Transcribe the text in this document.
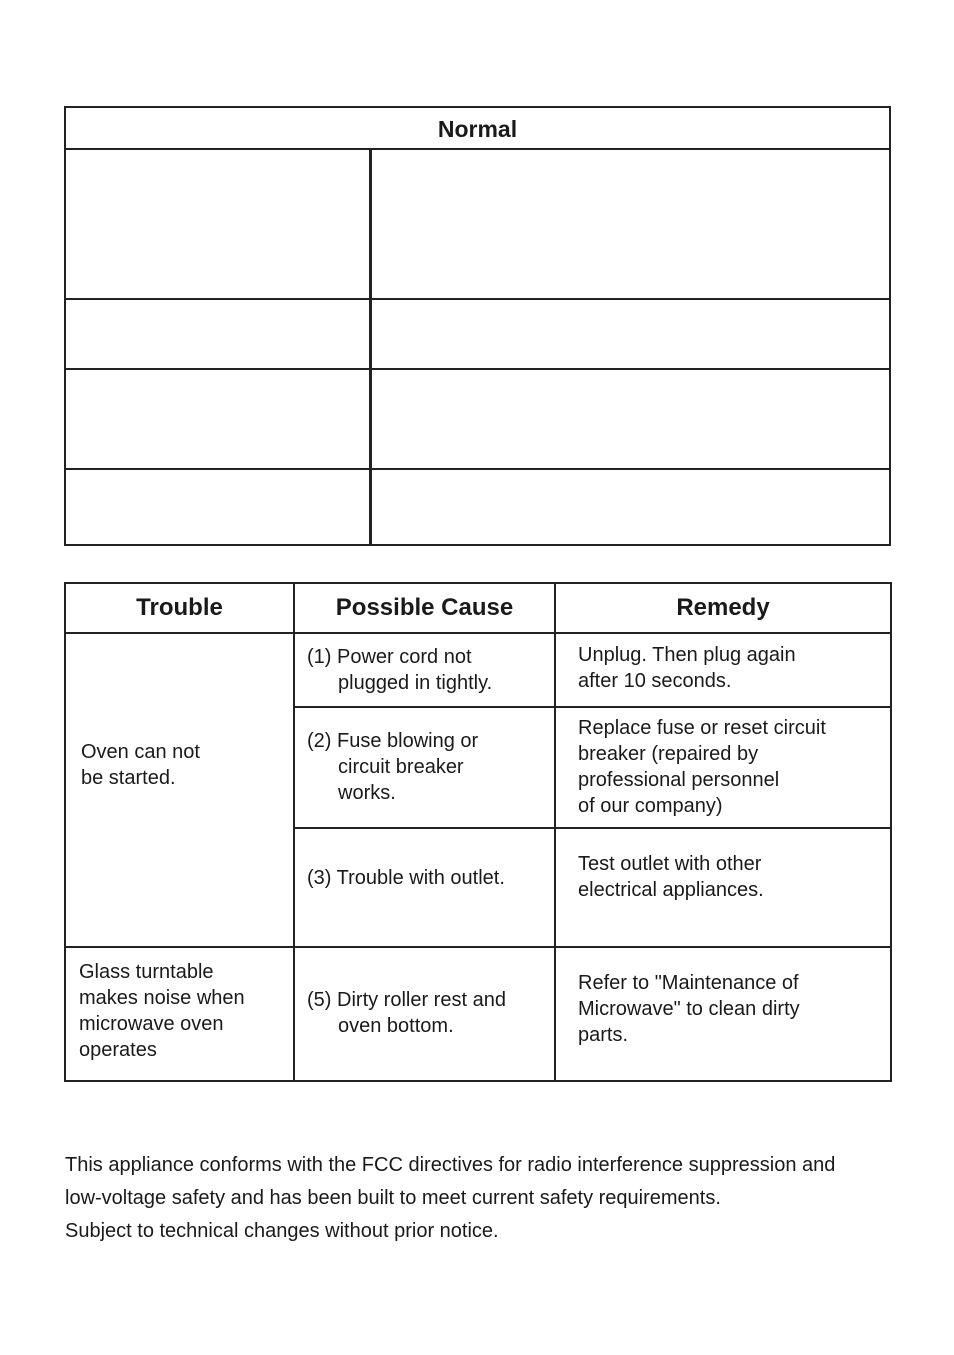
Normal
Trouble	Possible Cause	Remedy
Oven can not
be started.
(1) Power cord not
plugged in tightly.
Unplug. Then plug again
after 10 seconds.
(2) Fuse blowing or
circuit breaker
works.
Replace fuse or reset circuit
breaker (repaired by
professional personnel
of our company)
(3) Trouble with outlet.
Test outlet with other
electrical appliances.
Glass turntable
makes noise when
microwave oven
operates
(5) Dirty roller rest and
oven bottom.
Refer to "Maintenance of
Microwave" to clean dirty
parts.

This appliance conforms with the FCC directives for radio interference suppression and

low-voltage safety and has been built to meet current safety requirements.

Subject to technical changes without prior notice.
